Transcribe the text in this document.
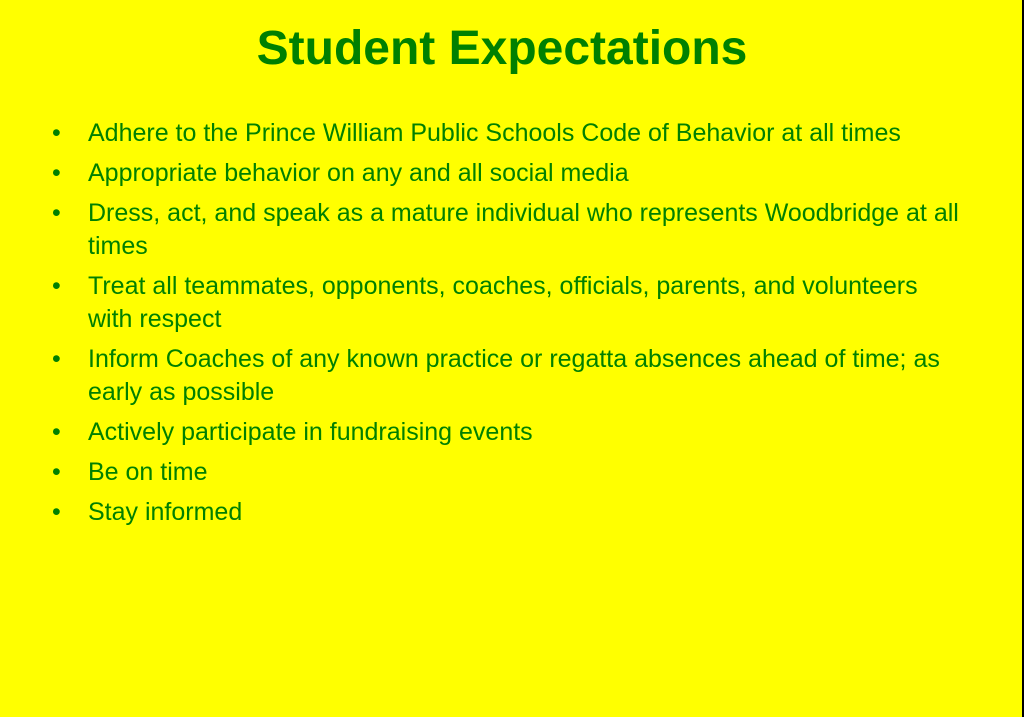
Student Expectations
•	Adhere to the Prince William Public Schools Code of Behavior at all times
•	Appropriate behavior on any and all social media
•	Dress, act, and speak as a mature individual who represents Woodbridge at all times
•	Treat all teammates, opponents, coaches, officials, parents, and volunteers with respect
•	Inform Coaches of any known practice or regatta absences ahead of time; as early as possible
•	Actively participate in fundraising events
•	Be on time
•	Stay informed
